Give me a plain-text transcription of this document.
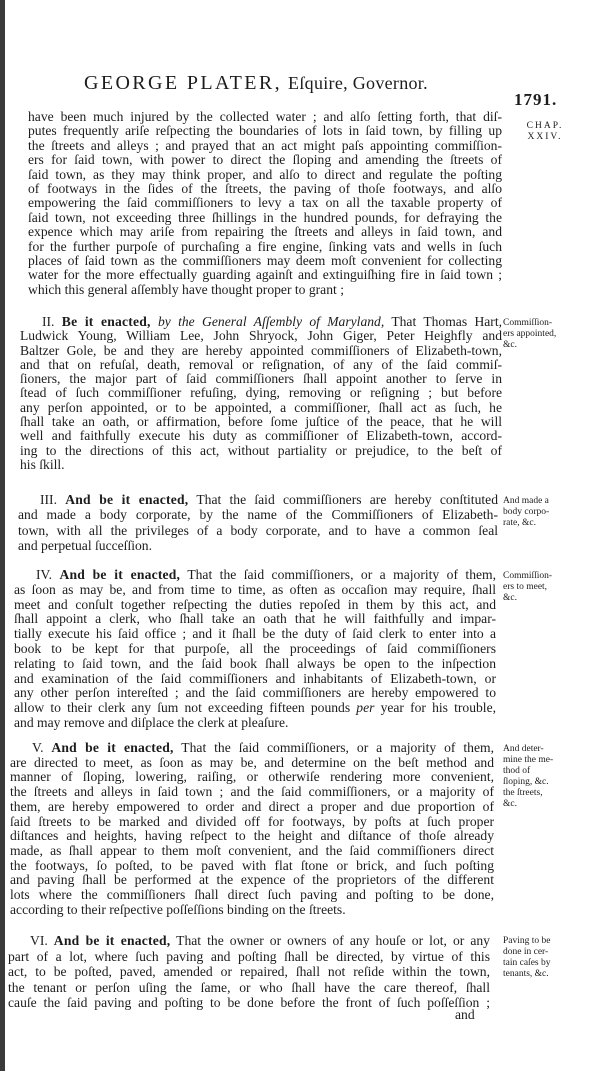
GEORGE PLATER, Eſquire, Governor.
1791.
CHAP.
XXIV.
have been much injured by the collected water ; and alſo ſetting forth, that diſ-
putes frequently ariſe reſpecting the boundaries of lots in ſaid town, by filling up
the ſtreets and alleys ; and prayed that an act might paſs appointing commiſſion-
ers for ſaid town, with power to direct the ſloping and amending the ſtreets of
ſaid town, as they may think proper, and alſo to direct and regulate the poſting
of footways in the ſides of the ſtreets, the paving of thoſe footways, and alſo
empowering the ſaid commiſſioners to levy a tax on all the taxable property of
ſaid town, not exceeding three ſhillings in the hundred pounds, for defraying the
expence which may ariſe from repairing the ſtreets and alleys in ſaid town, and
for the further purpoſe of purchaſing a fire engine, ſinking vats and wells in ſuch
places of ſaid town as the commiſſioners may deem moſt convenient for collecting
water for the more effectually guarding againſt and extinguiſhing fire in ſaid town ;
which this general aſſembly have thought proper to grant ;
II. Be it enacted, by the General Aſſembly of Maryland, That Thomas Hart,
Ludwick Young, William Lee, John Shryock, John Giger, Peter Heighfly and
Baltzer Gole, be and they are hereby appointed commiſſioners of Elizabeth-town,
and that on refuſal, death, removal or reſignation, of any of the ſaid commiſ-
ſioners, the major part of ſaid commiſſioners ſhall appoint another to ſerve in
ſtead of ſuch commiſſioner refuſing, dying, removing or reſigning ; but before
any perſon appointed, or to be appointed, a commiſſioner, ſhall act as ſuch, he
ſhall take an oath, or affirmation, before ſome juſtice of the peace, that he will
well and faithfully execute his duty as commiſſioner of Elizabeth-town, accord-
ing to the directions of this act, without partiality or prejudice, to the beſt of
his ſkill.
III. And be it enacted, That the ſaid commiſſioners are hereby conſtituted
and made a body corporate, by the name of the Commiſſioners of Elizabeth-
town, with all the privileges of a body corporate, and to have a common ſeal
and perpetual ſucceſſion.
IV. And be it enacted, That the ſaid commiſſioners, or a majority of them,
as ſoon as may be, and from time to time, as often as occaſion may require, ſhall
meet and conſult together reſpecting the duties repoſed in them by this act, and
ſhall appoint a clerk, who ſhall take an oath that he will faithfully and impar-
tially execute his ſaid office ; and it ſhall be the duty of ſaid clerk to enter into a
book to be kept for that purpoſe, all the proceedings of ſaid commiſſioners
relating to ſaid town, and the ſaid book ſhall always be open to the inſpection
and examination of the ſaid commiſſioners and inhabitants of Elizabeth-town, or
any other perſon intereſted ; and the ſaid commiſſioners are hereby empowered to
allow to their clerk any ſum not exceeding fifteen pounds per year for his trouble,
and may remove and diſplace the clerk at pleaſure.
V. And be it enacted, That the ſaid commiſſioners, or a majority of them,
are directed to meet, as ſoon as may be, and determine on the beſt method and
manner of ſloping, lowering, raiſing, or otherwiſe rendering more convenient,
the ſtreets and alleys in ſaid town ; and the ſaid commiſſioners, or a majority of
them, are hereby empowered to order and direct a proper and due proportion of
ſaid ſtreets to be marked and divided off for footways, by poſts at ſuch proper
diſtances and heights, having reſpect to the height and diſtance of thoſe already
made, as ſhall appear to them moſt convenient, and the ſaid commiſſioners direct
the footways, ſo poſted, to be paved with flat ſtone or brick, and ſuch poſting
and paving ſhall be performed at the expence of the proprietors of the different
lots where the commiſſioners ſhall direct ſuch paving and poſting to be done,
according to their reſpective poſſeſſions binding on the ſtreets.
VI. And be it enacted, That the owner or owners of any houſe or lot, or any
part of a lot, where ſuch paving and poſting ſhall be directed, by virtue of this
act, to be poſted, paved, amended or repaired, ſhall not reſide within the town,
the tenant or perſon uſing the ſame, or who ſhall have the care thereof, ſhall
cauſe the ſaid paving and poſting to be done before the front of ſuch poſſeſſion ;
Commiſſion-
ers appointed,
&c.
And made a
body corpo-
rate, &c.
Commiſſion-
ers to meet,
&c.
And deter-
mine the me-
thod of
ſloping, &c.
the ſtreets,
&c.
Paving to be
done in cer-
tain caſes by
tenants, &c.
and
